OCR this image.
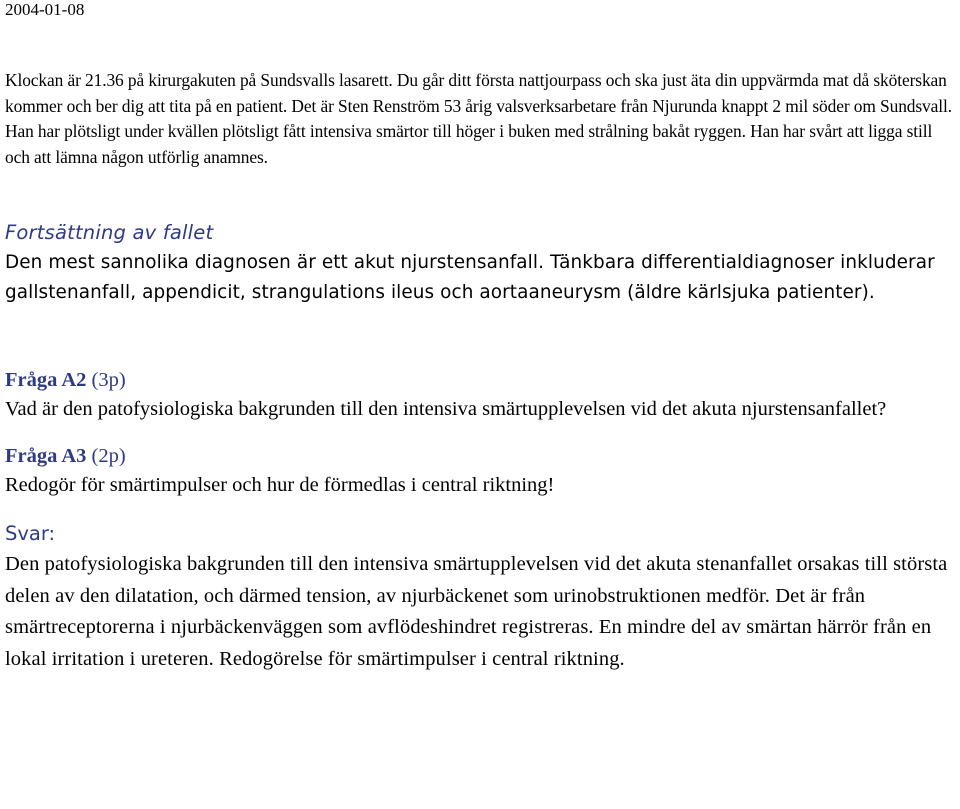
2004-01-08
Klockan är 21.36 på kirurgakuten på Sundsvalls lasarett. Du går ditt första nattjourpass och ska just äta din uppvärmda mat då sköterskan kommer och ber dig att tita på en patient. Det är Sten Renström 53 årig valsverksarbetare från Njurunda knappt 2 mil söder om Sundsvall. Han har plötsligt under kvällen plötsligt fått intensiva smärtor till höger i buken med strålning bakåt ryggen. Han har svårt att ligga still och att lämna någon utförlig anamnes.
Fortsättning av fallet
Den mest sannolika diagnosen är ett akut njurstensanfall. Tänkbara differentialdiagnoser inkluderar gallstenanfall, appendicit, strangulations ileus och aortaaneurysm (äldre kärlsjuka patienter).
Fråga A2 (3p)
Vad är den patofysiologiska bakgrunden till den intensiva smärtupplevelsen vid det akuta njurstensanfallet?
Fråga A3 (2p)
Redogör för smärtimpulser och hur de förmedlas i central riktning!
Svar:
Den patofysiologiska bakgrunden till den intensiva smärtupplevelsen vid det akuta stenanfallet orsakas till största delen av den dilatation, och därmed tension, av njurbäckenet som urinobstruktionen medför. Det är från smärtreceptorerna i njurbäckenväggen som avflödeshindret registreras. En mindre del av smärtan härrör från en lokal irritation i ureteren. Redogörelse för smärtimpulser i central riktning.
